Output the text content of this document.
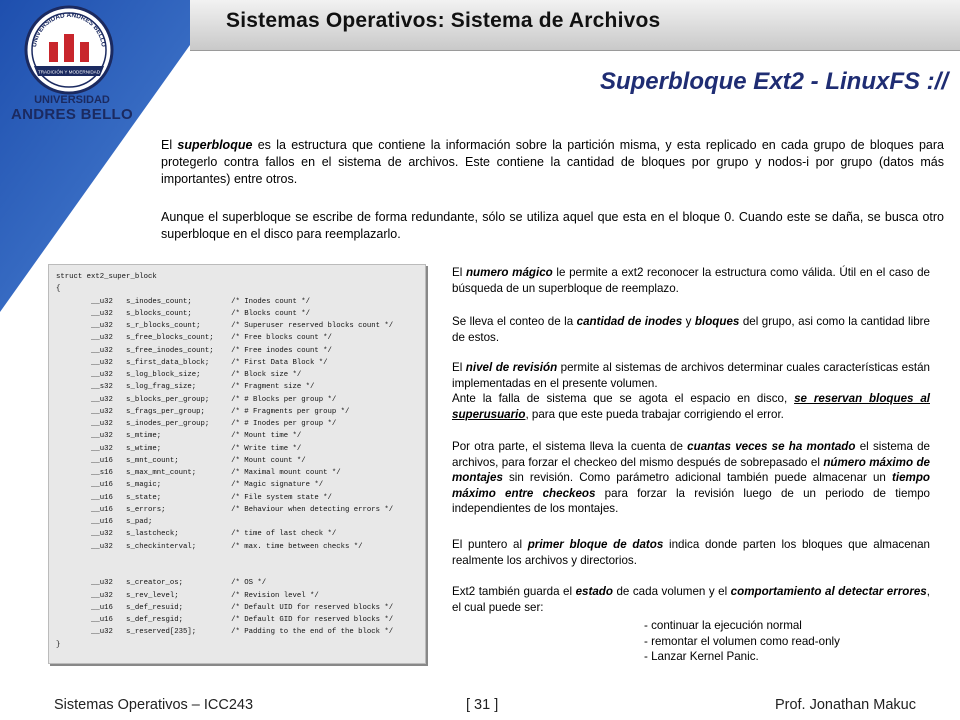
Sistemas Operativos: Sistema de Archivos
Superbloque Ext2 - LinuxFS ://
UNIVERSIDAD ANDRES BELLO
TRADICIÓN Y MODERNIDAD
UNIVERSIDAD
ANDRES BELLO
El superbloque es la estructura que contiene la información sobre la partición misma, y esta replicado en cada grupo de bloques para protegerlo contra fallos en el sistema de archivos. Este contiene la cantidad de bloques por grupo y nodos-i por grupo (datos más importantes) entre otros.
Aunque el superbloque se escribe de forma redundante, sólo se utiliza aquel que esta en el bloque 0. Cuando este se daña, se busca otro superbloque en el disco para reemplazarlo.
struct ext2_super_block
{
__u32   s_inodes_count;         /* Inodes count */
__u32   s_blocks_count;         /* Blocks count */
__u32   s_r_blocks_count;       /* Superuser reserved blocks count */
__u32   s_free_blocks_count;    /* Free blocks count */
__u32   s_free_inodes_count;    /* Free inodes count */
__u32   s_first_data_block;     /* First Data Block */
__u32   s_log_block_size;       /* Block size */
__s32   s_log_frag_size;        /* Fragment size */
__u32   s_blocks_per_group;     /* # Blocks per group */
__u32   s_frags_per_group;      /* # Fragments per group */
__u32   s_inodes_per_group;     /* # Inodes per group */
__u32   s_mtime;                /* Mount time */
__u32   s_wtime;                /* Write time */
__u16   s_mnt_count;            /* Mount count */
__s16   s_max_mnt_count;        /* Maximal mount count */
__u16   s_magic;                /* Magic signature */
__u16   s_state;                /* File system state */
__u16   s_errors;               /* Behaviour when detecting errors */
__u16   s_pad;
__u32   s_lastcheck;            /* time of last check */
__u32   s_checkinterval;        /* max. time between checks */

__u32   s_creator_os;           /* OS */
__u32   s_rev_level;            /* Revision level */
__u16   s_def_resuid;           /* Default UID for reserved blocks */
__u16   s_def_resgid;           /* Default GID for reserved blocks */
__u32   s_reserved[235];        /* Padding to the end of the block */
}
El numero mágico le permite a ext2 reconocer la estructura como válida. Útil en el caso de búsqueda de un superbloque de reemplazo.
Se lleva el conteo de la cantidad de inodes y bloques del grupo, asi como la cantidad libre de estos.
El nivel de revisión permite al sistemas de archivos determinar cuales características están implementadas en el presente volumen.
Ante la falla de sistema que se agota el espacio en disco, se reservan bloques al superusuario, para que este pueda trabajar corrigiendo el error.
Por otra parte, el sistema lleva la cuenta de cuantas veces se ha montado el sistema de archivos, para forzar el checkeo del mismo después de sobrepasado el número máximo de montajes sin revisión. Como parámetro adicional también puede almacenar un tiempo máximo entre checkeos para forzar la revisión luego de un periodo de tiempo independientes de los montajes.
El puntero al primer bloque de datos indica donde parten los bloques que almacenan realmente los archivos y directorios.
Ext2 también guarda el estado de cada volumen y el comportamiento al detectar errores, el cual puede ser:
- continuar la ejecución normal
- remontar el volumen como read-only
- Lanzar Kernel Panic.
Sistemas Operativos – ICC243	[ 31 ]	Prof. Jonathan Makuc
